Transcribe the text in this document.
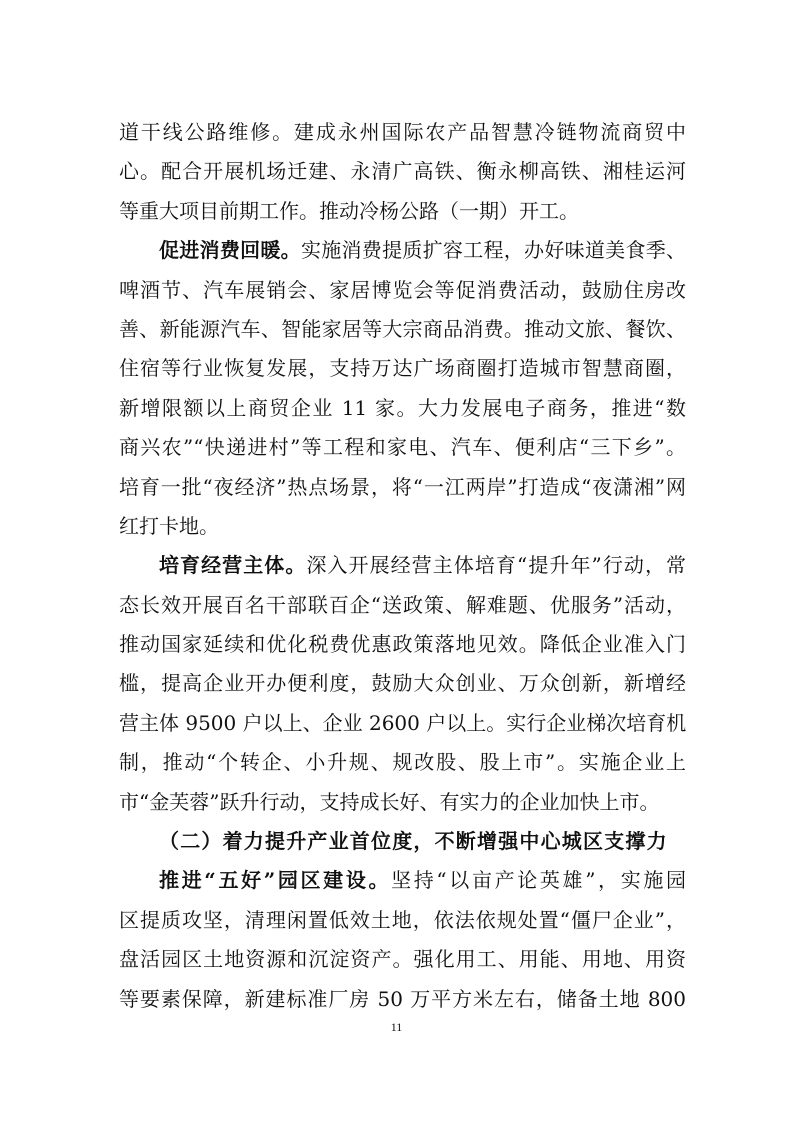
道干线公路维修。建成永州国际农产品智慧冷链物流商贸中
心。配合开展机场迁建、永清广高铁、衡永柳高铁、湘桂运河
等重大项目前期工作。推动冷杨公路（一期）开工。
促进消费回暖。实施消费提质扩容工程，办好味道美食季、
啤酒节、汽车展销会、家居博览会等促消费活动，鼓励住房改
善、新能源汽车、智能家居等大宗商品消费。推动文旅、餐饮、
住宿等行业恢复发展，支持万达广场商圈打造城市智慧商圈，
新增限额以上商贸企业 11 家。大力发展电子商务，推进“数
商兴农”“快递进村”等工程和家电、汽车、便利店“三下乡”。
培育一批“夜经济”热点场景，将“一江两岸”打造成“夜潇湘”网
红打卡地。
培育经营主体。深入开展经营主体培育“提升年”行动，常
态长效开展百名干部联百企“送政策、解难题、优服务”活动，
推动国家延续和优化税费优惠政策落地见效。降低企业准入门
槛，提高企业开办便利度，鼓励大众创业、万众创新，新增经
营主体 9500 户以上、企业 2600 户以上。实行企业梯次培育机
制，推动“个转企、小升规、规改股、股上市”。实施企业上
市“金芙蓉”跃升行动，支持成长好、有实力的企业加快上市。
（二）着力提升产业首位度，不断增强中心城区支撑力
推进“五好”园区建设。坚持“以亩产论英雄”，实施园
区提质攻坚，清理闲置低效土地，依法依规处置“僵尸企业”，
盘活园区土地资源和沉淀资产。强化用工、用能、用地、用资
等要素保障，新建标准厂房 50 万平方米左右，储备土地 800
11
